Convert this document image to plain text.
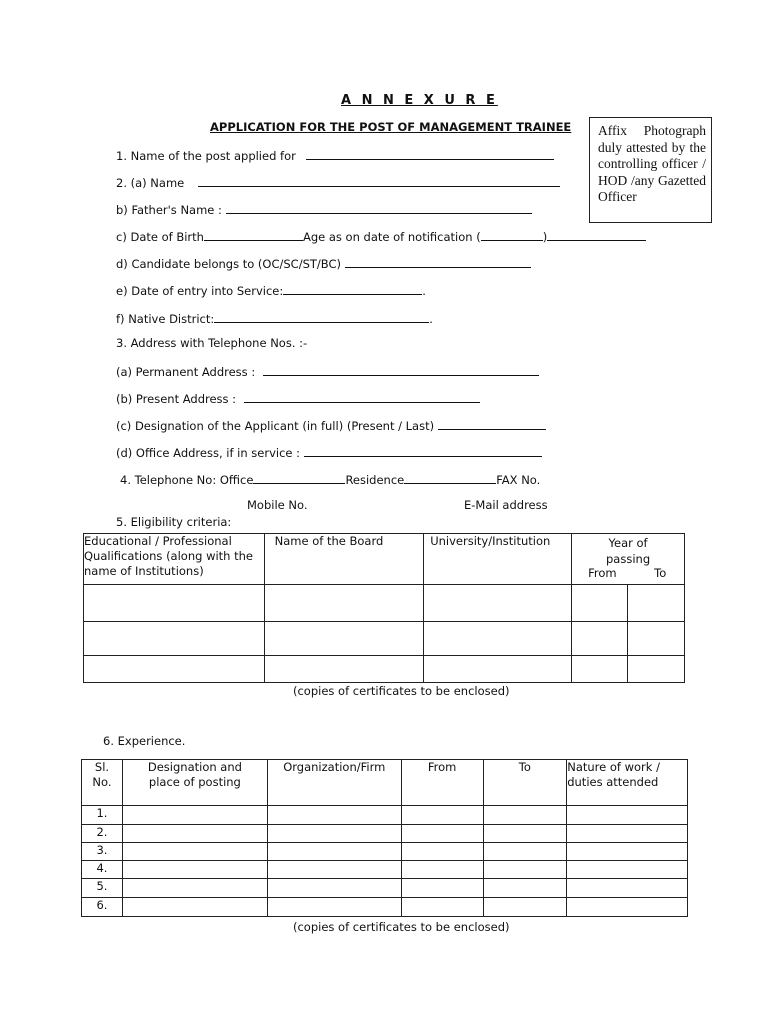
A N N E X U R E
APPLICATION FOR THE POST OF MANAGEMENT TRAINEE	Affix Photograph duly attested by the controlling officer / HOD /any Gazetted Officer
1. Name of the post applied for
2. (a) Name
b) Father's Name :
c) Date of Birth	Age as on date of notification (	)
d) Candidate belongs to (OC/SC/ST/BC)
e) Date of entry into Service:	.
f) Native District:	.
3. Address with Telephone Nos. :-
(a) Permanent Address :
(b) Present Address :
(c) Designation of the Applicant (in full) (Present / Last)
(d) Office Address, if in service :
4. Telephone No: Office	Residence	FAX No.
Mobile No.	E-Mail address
5. Eligibility criteria:
Educational / Professional Qualifications (along with the name of Institutions)	Name of the Board	University/Institution	Year of passing
From To	

(copies of certificates to be enclosed)
6. Experience.
Sl. No.	Designation and place of posting	Organization/Firm	From	To	Nature of work / duties attended
1.					
2.					
3.					
4.					
5.					
6.					
(copies of certificates to be enclosed)
